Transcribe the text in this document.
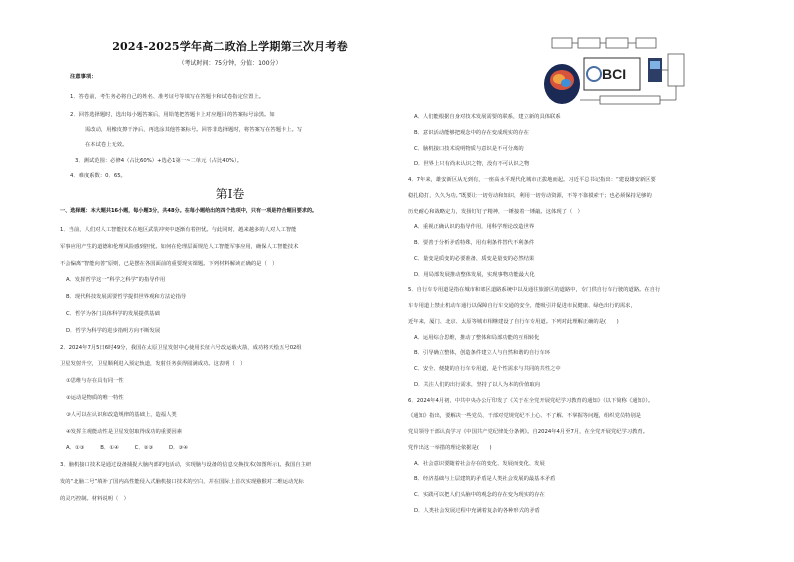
2024-2025学年高二政治上学期第三次月考卷
（考试时间：75分钟，分值：100分）
注意事项：
1．答卷前，考生务必将自己的姓名、准考证号等填写在答题卡和试卷指定位置上。
2．回答选择题时，选出每小题答案后，用铅笔把答题卡上对应题目的答案标号涂黑。如
需改动，用橡皮擦干净后，再选涂其他答案标号。回答非选择题时，将答案写在答题卡上。写
在本试卷上无效。
3．测试范围：必修4（占比60%）+选必1第一~二单元（占比40%）。
4．难度系数：0．65。
第Ⅰ卷
一、选择题：本大题共16小题，每小题3分，共48分。在每小题给出的四个选项中，只有一项是符合题目要求的。
1．当前，人们对人工智能技术在地区武装冲突中逐渐有着担忧。与此同时，越来越多的人对人工智能
军事应用产生的道德和伦理风险感到担忧。如何在伦理层面规范人工智能军事应用，确保人工智能技术
不会偏离“智能向善”原则，已是摆在各国面前的重要现实课题。下列材料解读正确的是（　）
A．发挥哲学这一“科学之科学”的指导作用
B．现代科技发展需要哲学提供世界观和方法论指导
C．哲学为各门具体科学的发展提供基础
D．哲学为科学的进步指明方向不断发展
2．2024年7月5日6时49分，我国在太原卫星发射中心使用长征六号改运载火箭，成功将天绘五号02组
卫星发射升空，卫星顺利进入预定轨道，发射任务获得圆满成功。这表明（　）
①思维与存在具有同一性
②运动是物质的唯一特性
③人可以在认识和改造规律的基础上，造福人类
④发挥主观能动性是卫星发射取得成功的重要因素
A．①③　　　B．①④　　　C．②③　　　D．③④
3．脑机接口技术是通过设备捕捉大脑内部的电活动，实现脑与设备的信息交换技术(如图所示)。我国自主研
发的“北脑二号”填补了国内高性能侵入式脑机接口技术的空白，并在国际上首次实现猕猴对二维运动光标
的灵巧控制。材料说明（　）
A．人们能根据自身对技术发展需要的联系，建立新的具体联系
B．意识活动能够把观念中的存在变成现实的存在
C．脑机接口技术说明物质与意识是不可分离的
D．世界上只有尚未认识之物，没有不可认识之物
4．7年来，雄安新区从无到有，一座高水平现代化城市正拔地而起。习近平总书记指出：“建设雄安新区要
稳扎稳打，久久为功。”既要让一切劳动和知识，利用一切劳动资源，不等不靠摸索干；也必须保持足够的
历史耐心和战略定力，发扬钉钉子精神，一锤接着一锤敲。这体现了（　）
A．重视正确认识的指导作用，用科学理论改造世界
B．要善于分析矛盾特殊，用有利条件替代不利条件
C．量变是质变的必要准备，质变是量变的必然结果
D．用局部发展推动整体发展，实现事物功能最大化
5．自行车专用道是指在城市和郊区道路系统中以及通往旅游区的道路中，专门供自行车行驶的道路。在自行
车专用道上禁止机动车通行以保障自行车交通的安全，能吸引并促进市民健康、绿色出行的需求，
近年来，厦门、北京、太原等城市相继建设了自行车专用道。下列对此理解正确的是(　　)
A．运用综合思维，推动了整体和局部功能的互相转化
B．引导确立整体，创造条件建立人与自然和谐的自行车环
C．安全、便捷的自行车专用道，是个性需求与共同的共性之中
D．关注人们的出行需求，坚持了以人为本的价值取向
6．2024年4月初，中共中央办公厅印发了《关于在全党开展党纪学习教育的通知》（以下简称《通知》）。
《通知》指出，要解决一些党员、干部对党规党纪不上心、不了解、不掌握等问题，组织党员特别是
党员领导干部认真学习《中国共产党纪律处分条例》。自2024年4月至7月，在全党开展党纪学习教育。
党作出这一举措的理论依据是(　　)
A．社会意识要随着社会存在的变化、发展而变化、发展
B．经济基础与上层建筑的矛盾是人类社会发展的最基本矛盾
C．实践可以把人们头脑中的观念的存在变为现实的存在
D．人类社会发展过程中充满着复杂的各种形式的矛盾
BCI
